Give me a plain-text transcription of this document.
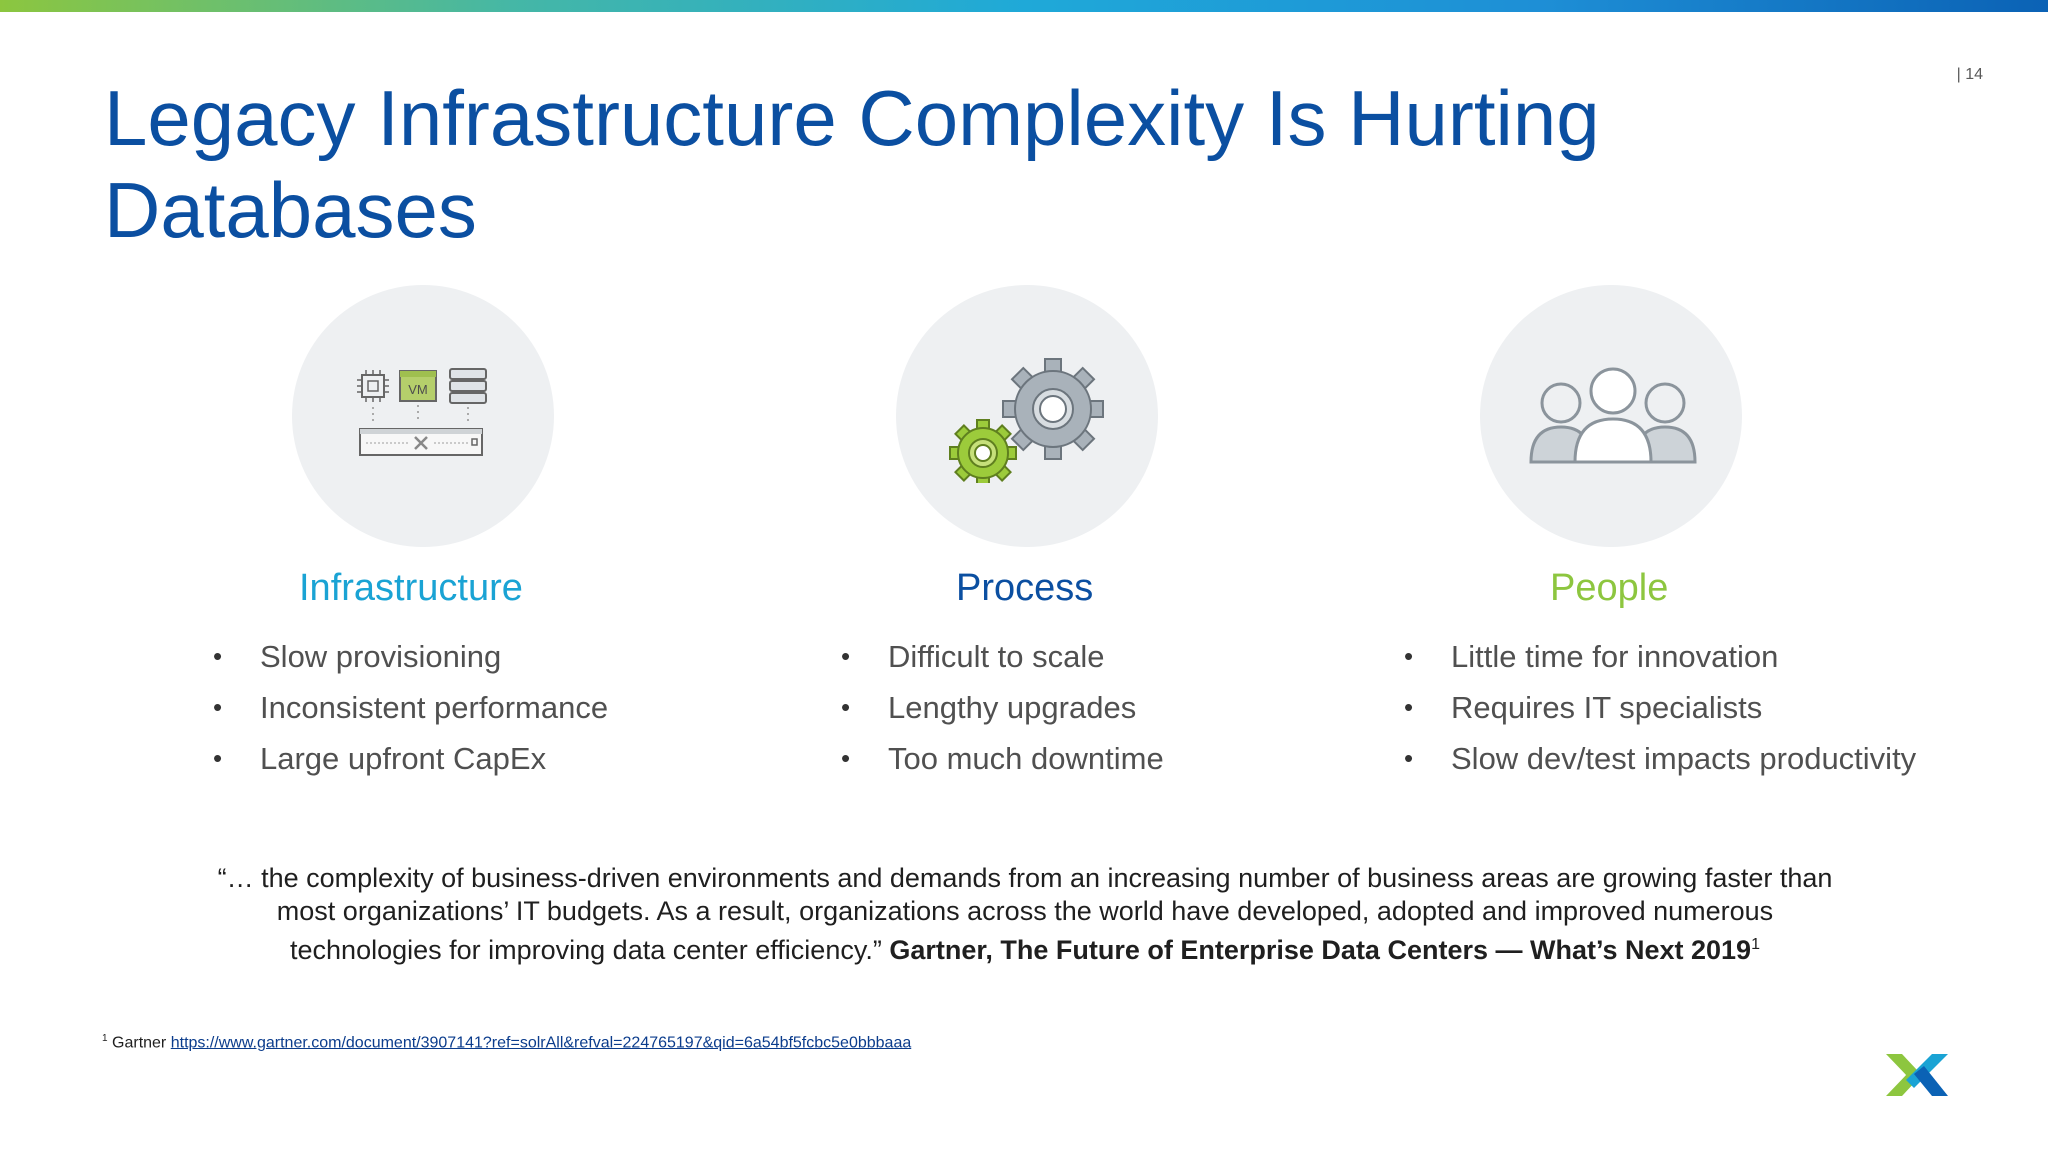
| 14
Legacy Infrastructure Complexity Is Hurting Databases
VM
Infrastructure
• Slow provisioning
• Inconsistent performance
• Large upfront CapEx
Process
• Difficult to scale
• Lengthy upgrades
• Too much downtime
People
• Little time for innovation
• Requires IT specialists
• Slow dev/test impacts productivity
“… the complexity of business-driven environments and demands from an increasing number of business areas are growing faster than most organizations’ IT budgets. As a result, organizations across the world have developed, adopted and improved numerous technologies for improving data center efficiency.” Gartner, The Future of Enterprise Data Centers — What’s Next 2019$^1$
$^1$ Gartner https://www.gartner.com/document/3907141?ref=solrAll&refval=224765197&qid=6a54bf5fcbc5e0bbbaaa
